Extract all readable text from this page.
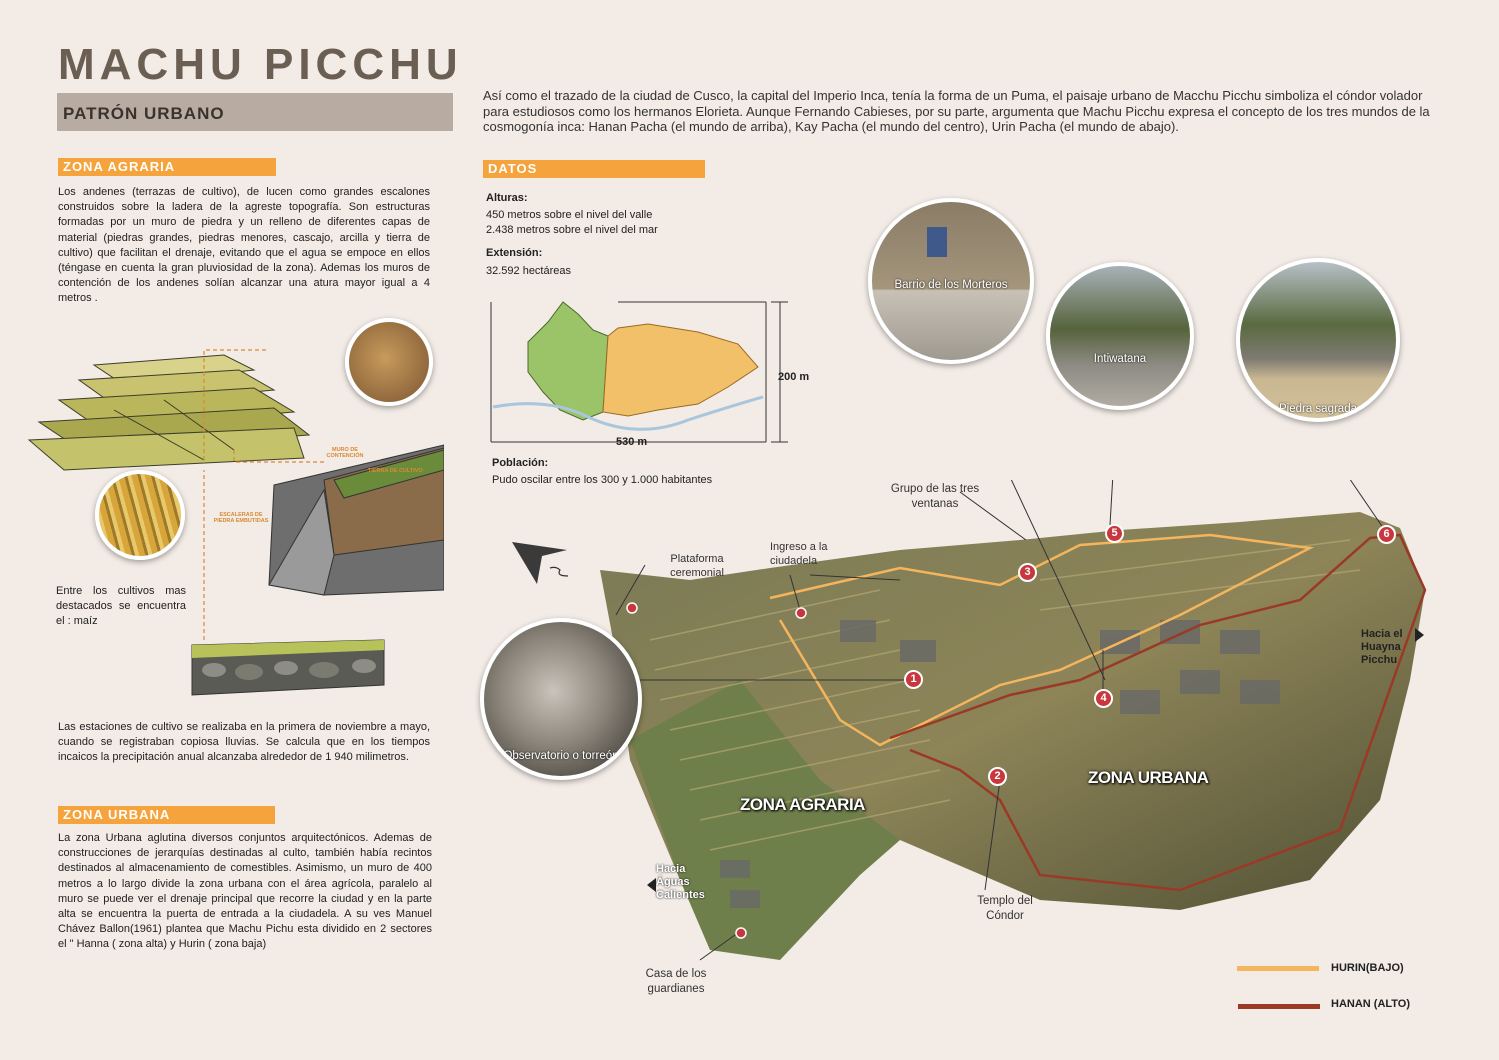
MACHU PICCHU
PATRÓN URBANO
Así como el trazado de la ciudad de Cusco, la capital del Imperio Inca, tenía la forma de un Puma, el paisaje urbano de Macchu Picchu simboliza el cóndor volador para estudiosos como los hermanos Elorieta. Aunque Fernando Cabieses, por su parte, argumenta que Machu Picchu expresa el concepto de los tres mundos de la cosmogonía inca: Hanan Pacha (el mundo de arriba), Kay Pacha (el mundo del centro), Urin Pacha (el mundo de abajo).
ZONA AGRARIA
Los andenes (terrazas de cultivo), de lucen como grandes escalones construidos sobre la ladera de la agreste topografía. Son estructuras formadas por un muro de piedra y un relleno de diferentes capas de material (piedras grandes, piedras menores, cascajo, arcilla y tierra de cultivo) que facilitan el drenaje, evitando que el agua se empoce en ellos (téngase en cuenta la gran pluviosidad de la zona). Ademas los muros de contención de los andenes solían alcanzar una atura mayor igual a 4 metros .
MURO DE CONTENCIÓN
TIERRA DE CULTIVO
ESCALERAS DE PIEDRA EMBUTIDAS
Entre los cultivos mas destacados se encuentra el : maíz
Las estaciones de cultivo se realizaba en la primera de noviembre a mayo, cuando se registraban copiosa lluvias. Se calcula que en los tiempos incaicos la precipitación anual alcanzaba alrededor de 1 940 milimetros.
ZONA URBANA
La zona Urbana aglutina diversos conjuntos arquitectónicos. Ademas de construcciones de jerarquías destinadas al culto, también había recintos destinados al almacenamiento de comestibles. Asimismo, un muro de 400 metros a lo largo divide la zona urbana con el área agrícola, paralelo al muro se puede ver el drenaje principal que recorre la ciudad y en la parte alta se encuentra la puerta de entrada a la ciudadela. A su ves Manuel Chávez Ballon(1961) plantea que Machu Pichu esta dividido en 2 sectores el " Hanna ( zona alta) y Hurin ( zona baja)
DATOS
Alturas:
450 metros sobre el nivel del valle
2.438 metros sobre el nivel del mar
Extensión:
32.592 hectáreas
200 m
530 m
Población:
Pudo oscilar entre los 300 y 1.000 habitantes
1
2
3
4
5	6
ZONA AGRARIA
ZONA URBANA
Plataforma ceremonial
Ingreso a la ciudadela
Grupo de las tres ventanas
Templo del Cóndor
Casa de los guardianes
Hacia el Huayna Picchu
Hacia Águas Calientes
Barrio de los Morteros
Intiwatana
Piedra sagrada
Observatorio o torreón
HURIN(BAJO)
HANAN (ALTO)
